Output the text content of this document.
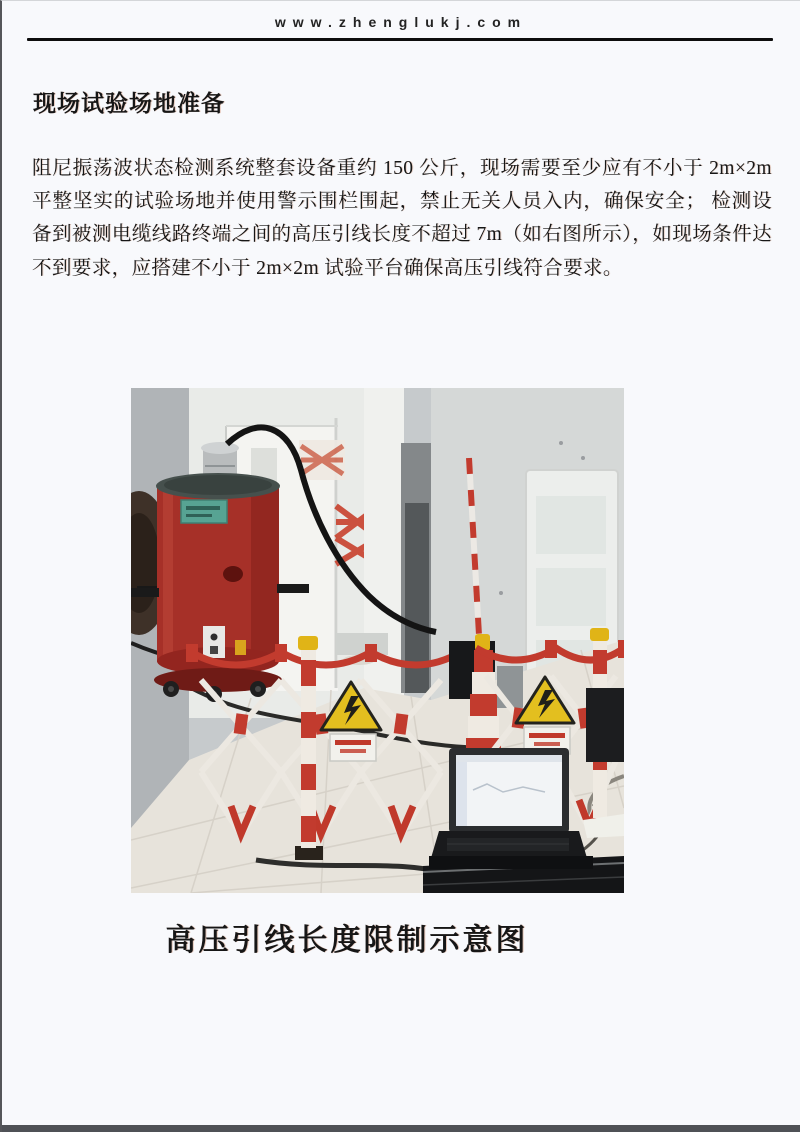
www.zhenglukj.com
现场试验场地准备

阻尼振荡波状态检测系统整套设备重约 150 公斤，现场需要至少应有不小于 2m×2m 平整坚实的试验场地并使用警示围栏围起，禁止无关人员入内，确保安全； 检测设备到被测电缆线路终端之间的高压引线长度不超过 7m（如右图所示），如现场条件达不到要求，应搭建不小于 2m×2m 试验平台确保高压引线符合要求。

高压引线长度限制示意图
